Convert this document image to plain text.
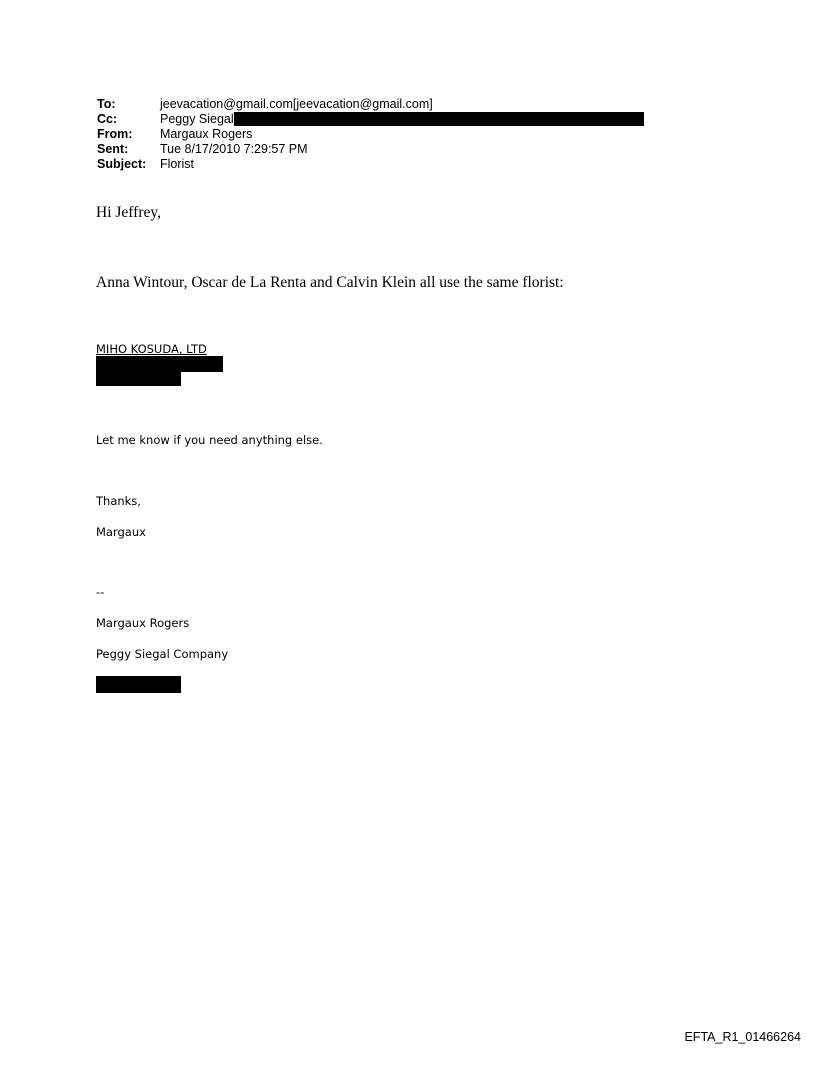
To:	jeevacation@gmail.com[jeevacation@gmail.com]
Cc:	Peggy Siegal
From:	Margaux Rogers
Sent:	Tue 8/17/2010 7:29:57 PM
Subject:	Florist
Hi Jeffrey,
Anna Wintour, Oscar de La Renta and Calvin Klein all use the same florist:
MIHO KOSUDA, LTD
Let me know if you need anything else.
Thanks,
Margaux
--
Margaux Rogers
Peggy Siegal Company
EFTA_R1_01466264
